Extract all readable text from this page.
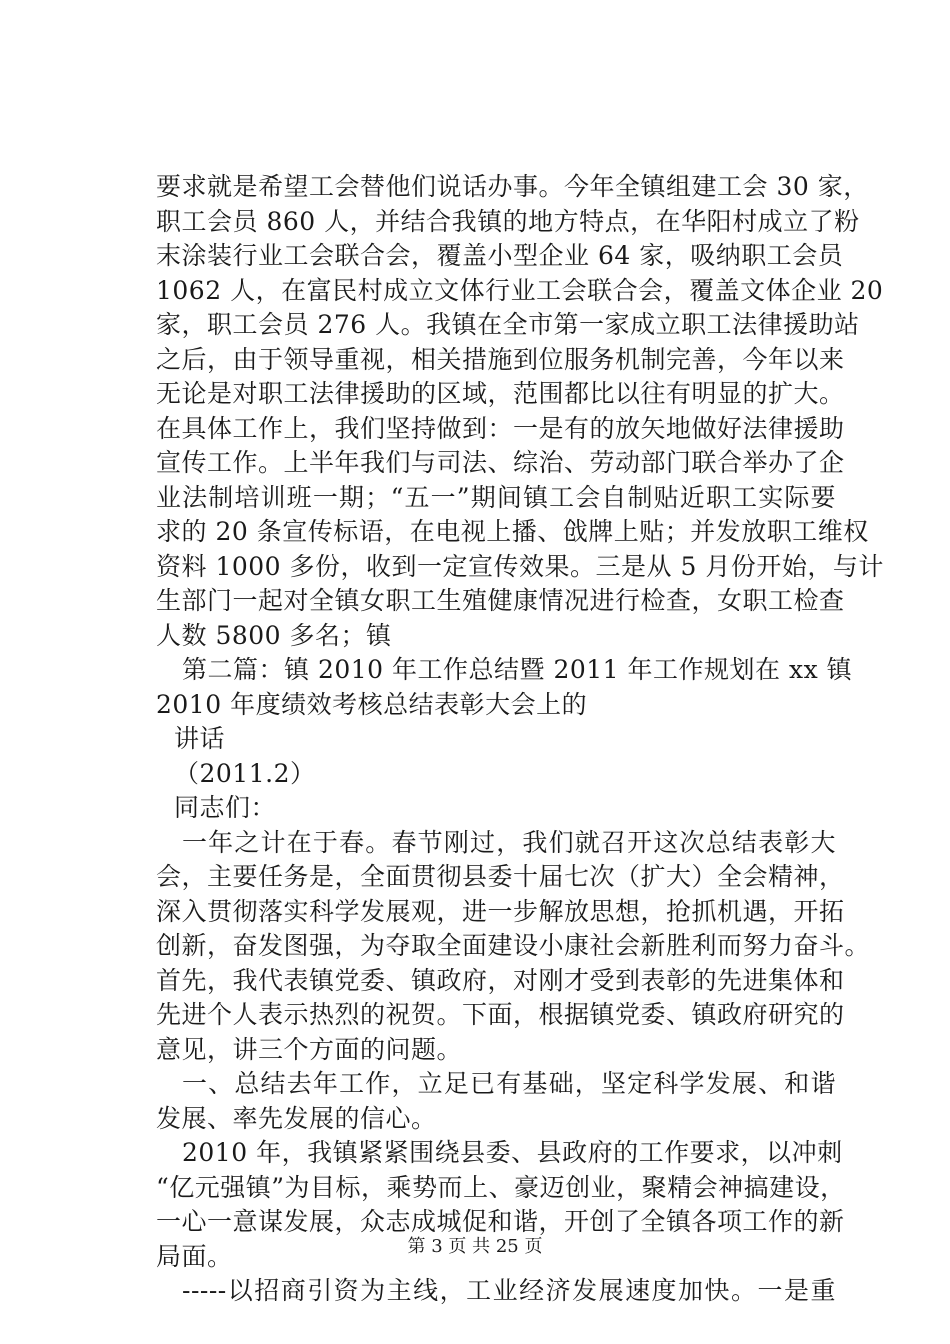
要求就是希望工会替他们说话办事。今年全镇组建工会 30 家，
职工会员 860 人，并结合我镇的地方特点，在华阳村成立了粉
末涂装行业工会联合会，覆盖小型企业 64 家，吸纳职工会员
1062 人，在富民村成立文体行业工会联合会，覆盖文体企业 20
家，职工会员 276 人。我镇在全市第一家成立职工法律援助站
之后，由于领导重视，相关措施到位服务机制完善，今年以来
无论是对职工法律援助的区域，范围都比以往有明显的扩大。
在具体工作上，我们坚持做到：一是有的放矢地做好法律援助
宣传工作。上半年我们与司法、综治、劳动部门联合举办了企
业法制培训班一期；“五一”期间镇工会自制贴近职工实际要
求的 20 条宣传标语，在电视上播、戗牌上贴；并发放职工维权
资料 1000 多份，收到一定宣传效果。三是从 5 月份开始，与计
生部门一起对全镇女职工生殖健康情况进行检查，女职工检查
人数 5800 多名；镇
第二篇：镇 2010 年工作总结暨 2011 年工作规划在 xx 镇
2010 年度绩效考核总结表彰大会上的
讲话
（2011.2）
同志们：
一年之计在于春。春节刚过，我们就召开这次总结表彰大
会，主要任务是，全面贯彻县委十届七次（扩大）全会精神，
深入贯彻落实科学发展观，进一步解放思想，抢抓机遇，开拓
创新，奋发图强，为夺取全面建设小康社会新胜利而努力奋斗。
首先，我代表镇党委、镇政府，对刚才受到表彰的先进集体和
先进个人表示热烈的祝贺。下面，根据镇党委、镇政府研究的
意见，讲三个方面的问题。
一、总结去年工作，立足已有基础，坚定科学发展、和谐
发展、率先发展的信心。
2010 年，我镇紧紧围绕县委、县政府的工作要求，以冲刺
“亿元强镇”为目标，乘势而上、豪迈创业，聚精会神搞建设，
一心一意谋发展，众志成城促和谐，开创了全镇各项工作的新
局面。
-----以招商引资为主线，工业经济发展速度加快。一是重
第 3 页 共 25 页
